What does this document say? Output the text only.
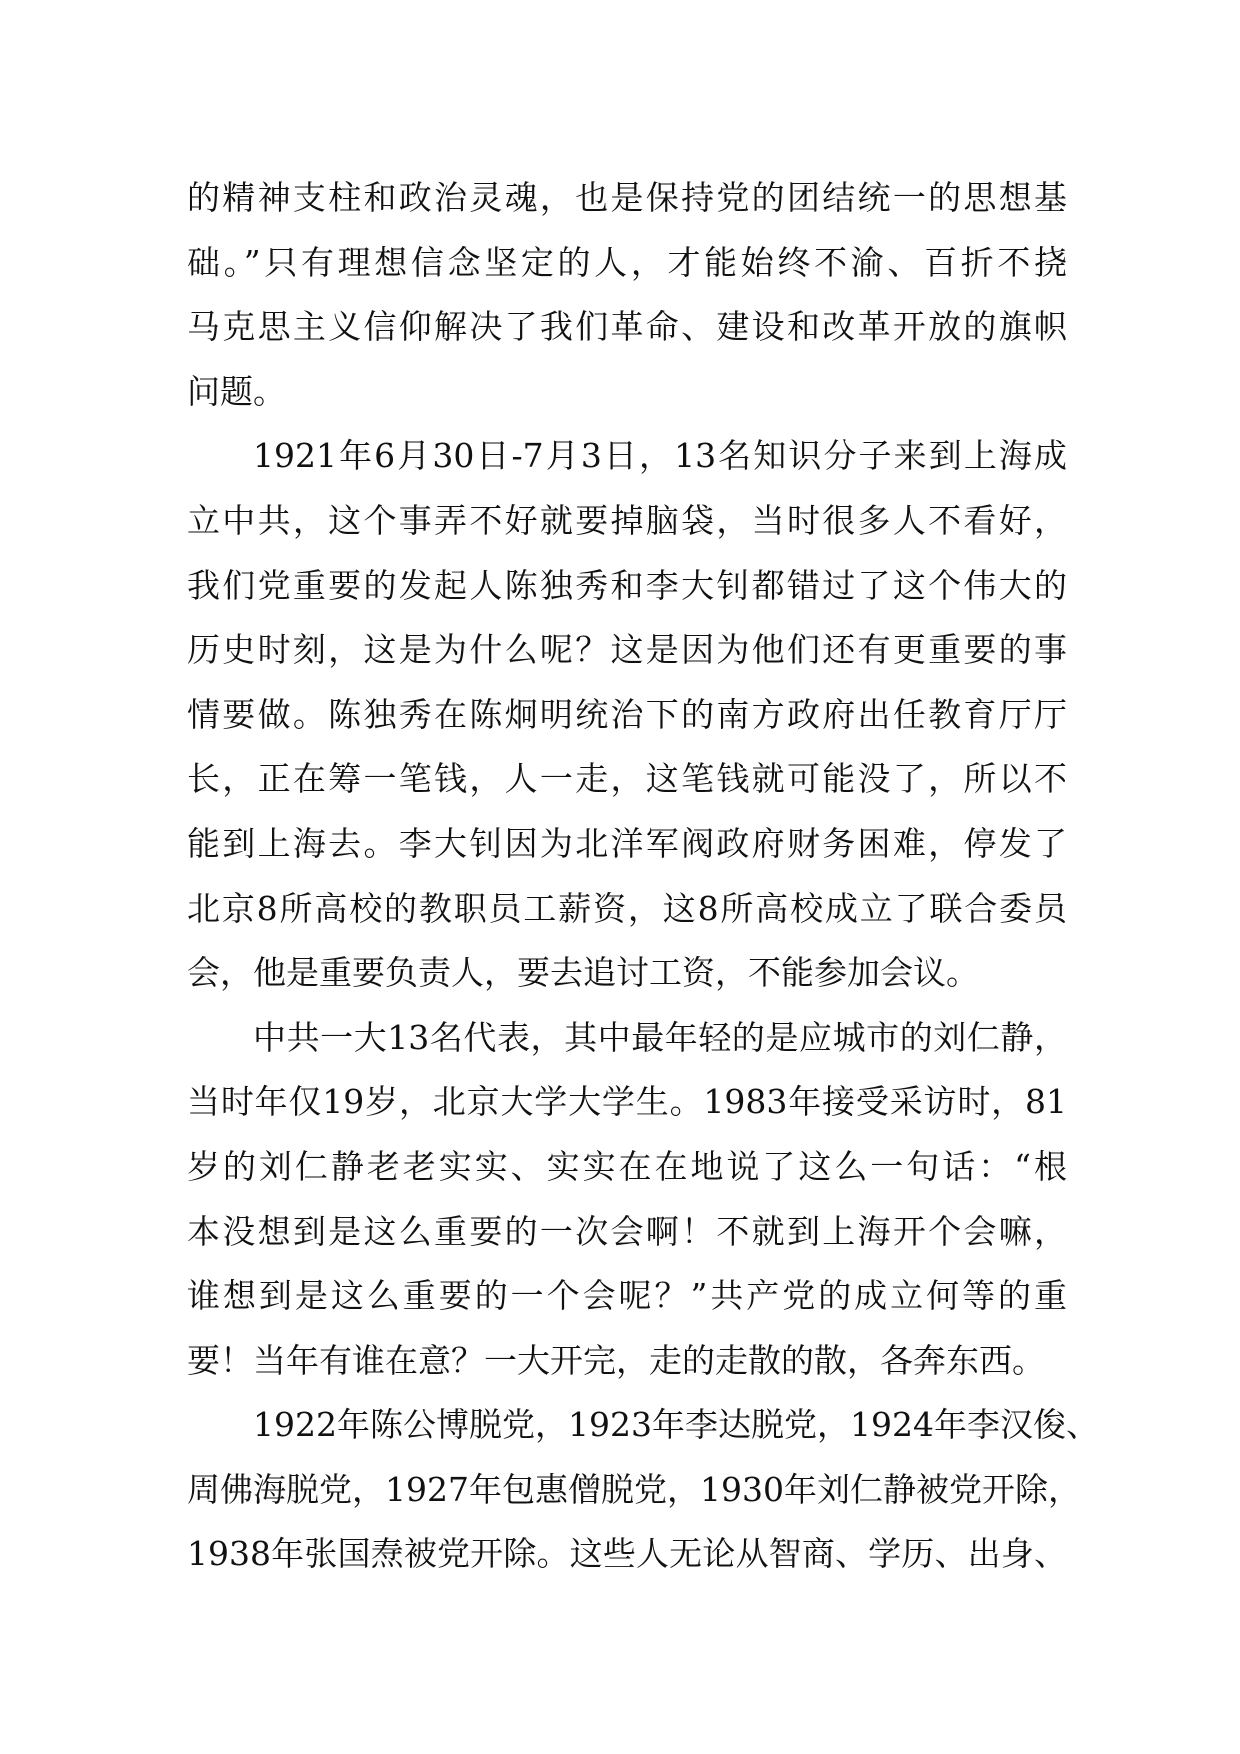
的精神支柱和政治灵魂，也是保持党的团结统一的思想基
础。”只有理想信念坚定的人，才能始终不渝、百折不挠
马克思主义信仰解决了我们革命、建设和改革开放的旗帜
问题。
1921年6月30日-7月3日，13名知识分子来到上海成
立中共，这个事弄不好就要掉脑袋，当时很多人不看好，
我们党重要的发起人陈独秀和李大钊都错过了这个伟大的
历史时刻，这是为什么呢？这是因为他们还有更重要的事
情要做。陈独秀在陈炯明统治下的南方政府出任教育厅厅
长，正在筹一笔钱，人一走，这笔钱就可能没了，所以不
能到上海去。李大钊因为北洋军阀政府财务困难，停发了
北京8所高校的教职员工薪资，这8所高校成立了联合委员
会，他是重要负责人，要去追讨工资，不能参加会议。
中共一大13名代表，其中最年轻的是应城市的刘仁静，
当时年仅19岁，北京大学大学生。1983年接受采访时，81
岁的刘仁静老老实实、实实在在地说了这么一句话：“根
本没想到是这么重要的一次会啊！不就到上海开个会嘛，
谁想到是这么重要的一个会呢？”共产党的成立何等的重
要！当年有谁在意？一大开完，走的走散的散，各奔东西。
1922年陈公博脱党，1923年李达脱党，1924年李汉俊、
周佛海脱党，1927年包惠僧脱党，1930年刘仁静被党开除，
1938年张国焘被党开除。这些人无论从智商、学历、出身、
